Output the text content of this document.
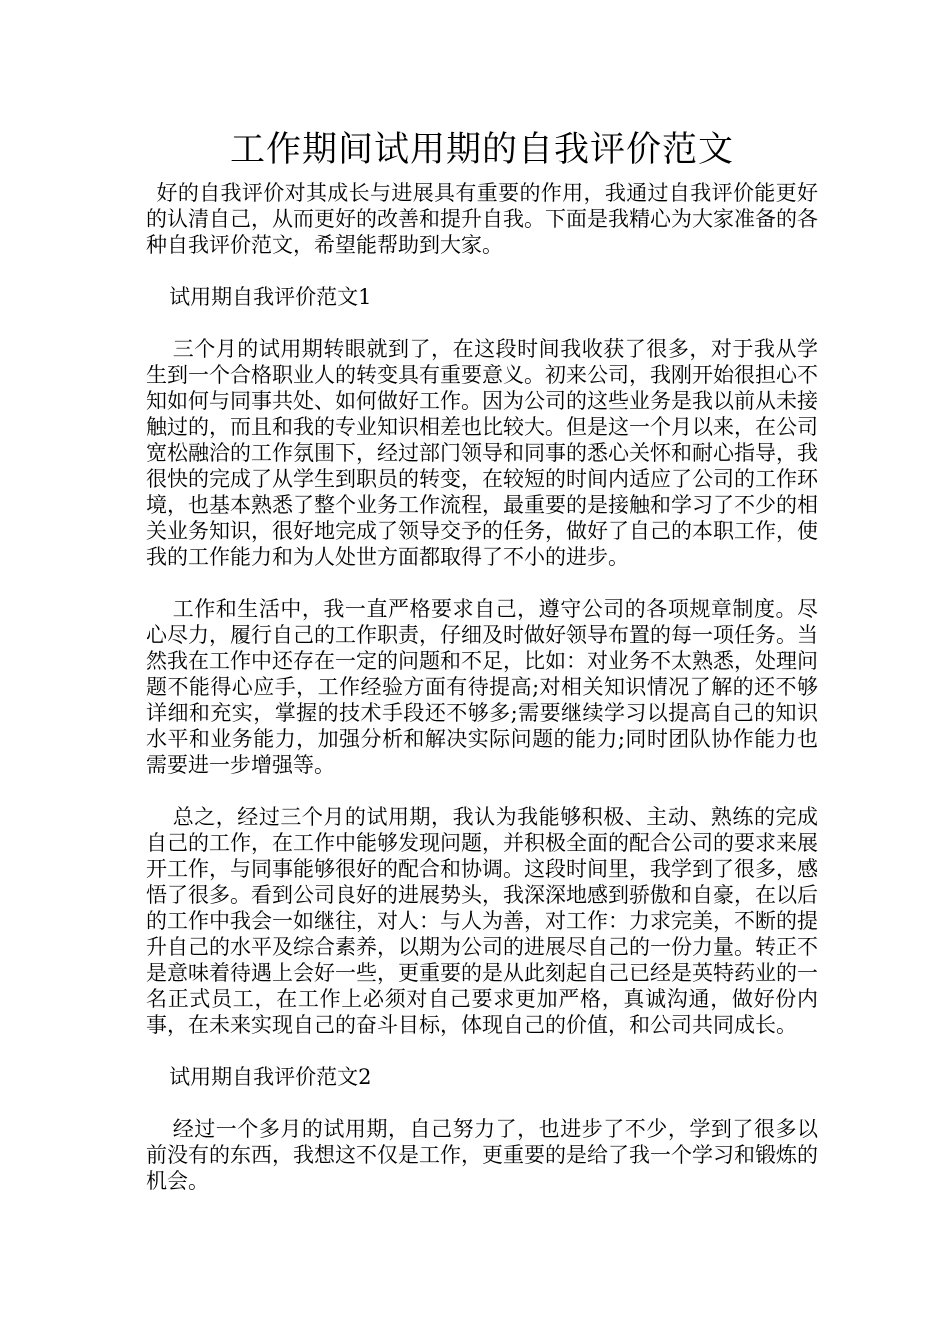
工作期间试用期的自我评价范文

好的自我评价对其成长与进展具有重要的作用，我通过自我评价能更好的认清自己，从而更好的改善和提升自我。下面是我精心为大家准备的各种自我评价范文，希望能帮助到大家。

试用期自我评价范文1

三个月的试用期转眼就到了，在这段时间我收获了很多，对于我从学生到一个合格职业人的转变具有重要意义。初来公司，我刚开始很担心不知如何与同事共处、如何做好工作。因为公司的这些业务是我以前从未接触过的，而且和我的专业知识相差也比较大。但是这一个月以来，在公司宽松融洽的工作氛围下，经过部门领导和同事的悉心关怀和耐心指导，我很快的完成了从学生到职员的转变，在较短的时间内适应了公司的工作环境，也基本熟悉了整个业务工作流程，最重要的是接触和学习了不少的相关业务知识，很好地完成了领导交予的任务，做好了自己的本职工作，使我的工作能力和为人处世方面都取得了不小的进步。

工作和生活中，我一直严格要求自己，遵守公司的各项规章制度。尽心尽力，履行自己的工作职责，仔细及时做好领导布置的每一项任务。当然我在工作中还存在一定的问题和不足，比如：对业务不太熟悉，处理问题不能得心应手，工作经验方面有待提高;对相关知识情况了解的还不够详细和充实，掌握的技术手段还不够多;需要继续学习以提高自己的知识水平和业务能力，加强分析和解决实际问题的能力;同时团队协作能力也需要进一步增强等。

总之，经过三个月的试用期，我认为我能够积极、主动、熟练的完成自己的工作，在工作中能够发现问题，并积极全面的配合公司的要求来展开工作，与同事能够很好的配合和协调。这段时间里，我学到了很多，感悟了很多。看到公司良好的进展势头，我深深地感到骄傲和自豪，在以后的工作中我会一如继往，对人：与人为善，对工作：力求完美，不断的提升自己的水平及综合素养，以期为公司的进展尽自己的一份力量。转正不是意味着待遇上会好一些，更重要的是从此刻起自己已经是英特药业的一名正式员工，在工作上必须对自己要求更加严格，真诚沟通，做好份内事，在未来实现自己的奋斗目标，体现自己的价值，和公司共同成长。

试用期自我评价范文2

经过一个多月的试用期，自己努力了，也进步了不少，学到了很多以前没有的东西，我想这不仅是工作，更重要的是给了我一个学习和锻炼的机会。
